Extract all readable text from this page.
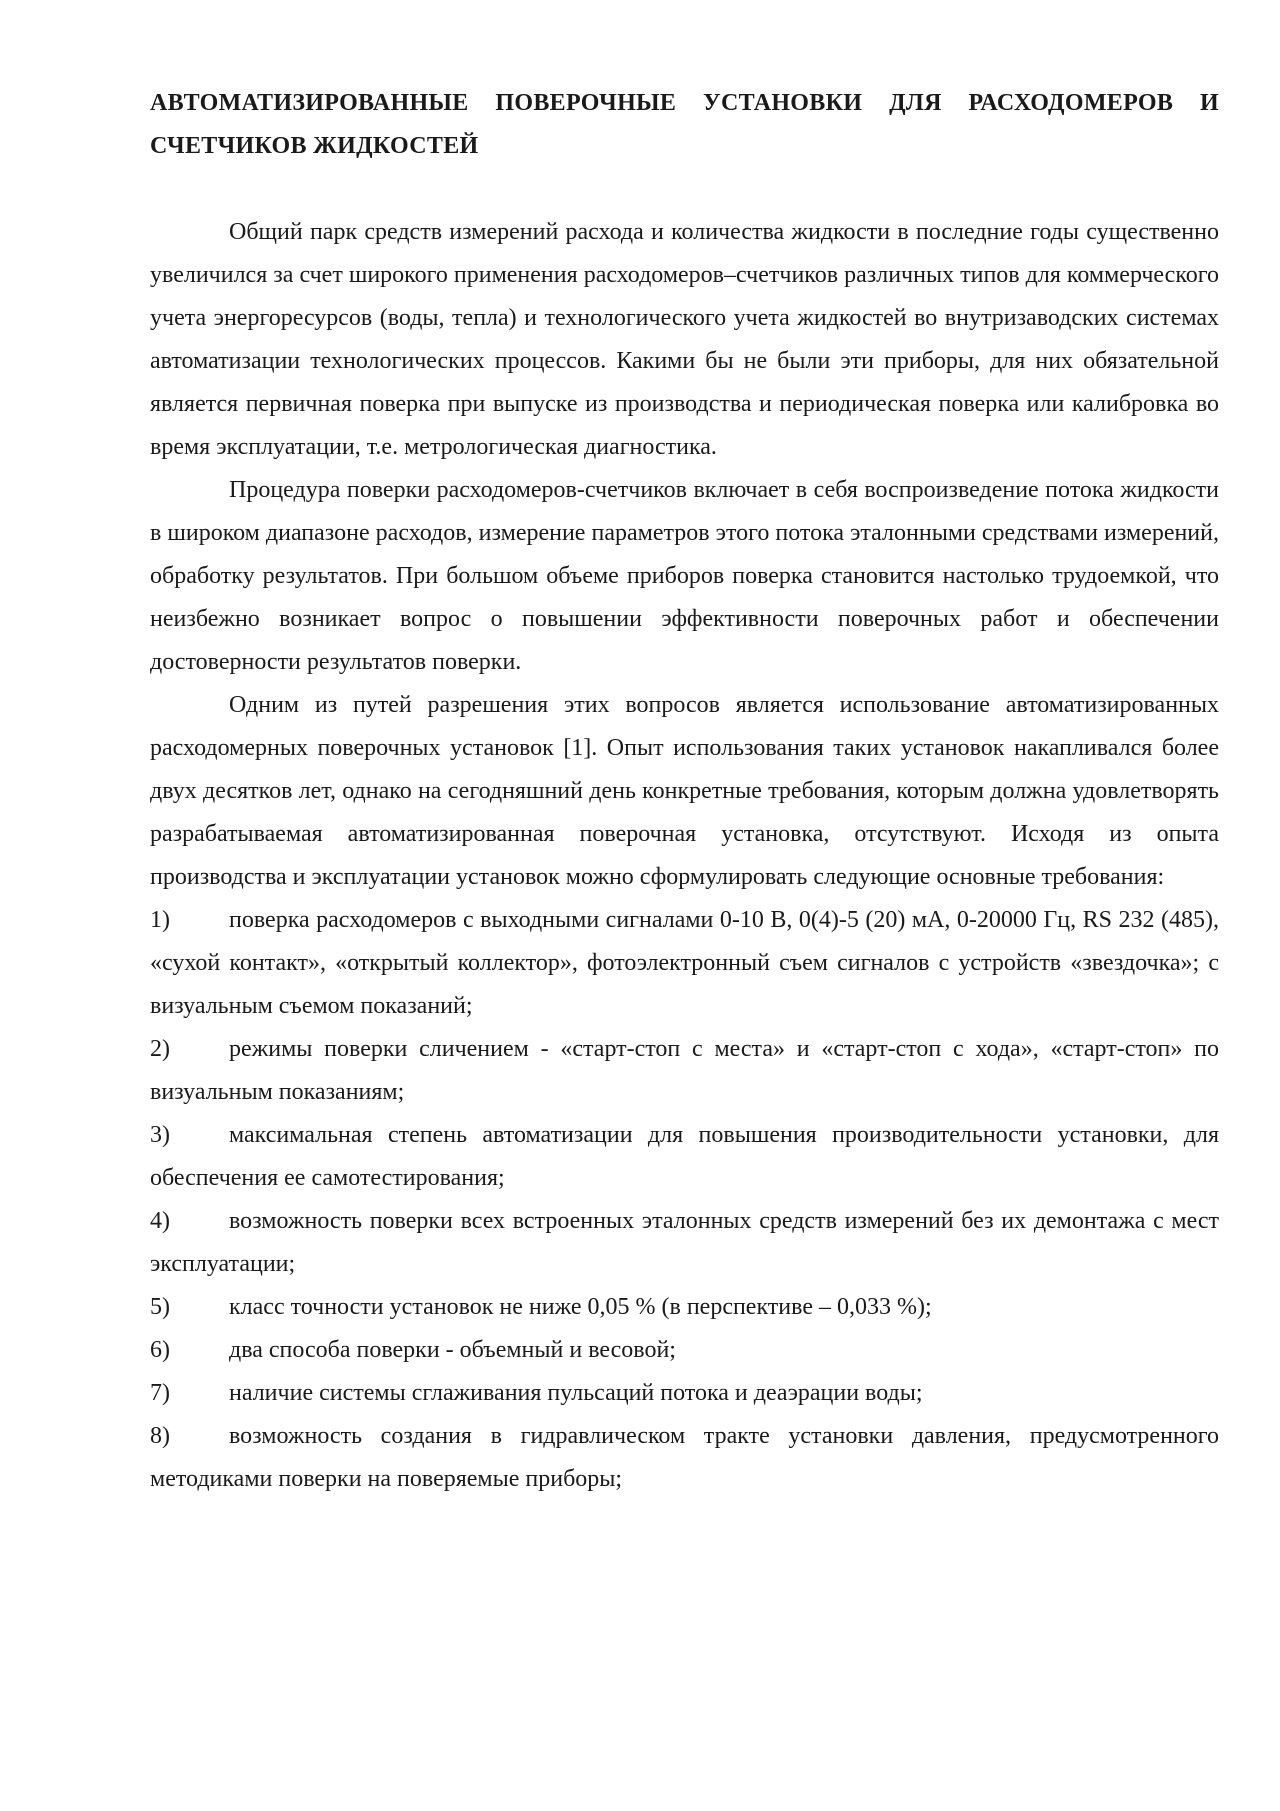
АВТОМАТИЗИРОВАННЫЕ ПОВЕРОЧНЫЕ УСТАНОВКИ ДЛЯ РАСХОДОМЕРОВ И СЧЕТЧИКОВ ЖИДКОСТЕЙ

Общий парк средств измерений расхода и количества жидкости в последние годы существенно увеличился за счет широкого применения расходомеров–счетчиков различных типов для коммерческого учета энергоресурсов (воды, тепла) и технологического учета жидкостей во внутризаводских системах автоматизации технологических процессов. Какими бы не были эти приборы, для них обязательной является первичная поверка при выпуске из производства и периодическая поверка или калибровка во время эксплуатации, т.е. метрологическая диагностика.

Процедура поверки расходомеров-счетчиков включает в себя воспроизведение потока жидкости в широком диапазоне расходов, измерение параметров этого потока эталонными средствами измерений, обработку результатов. При большом объеме приборов поверка становится настолько трудоемкой, что неизбежно возникает вопрос о повышении эффективности поверочных работ и обеспечении достоверности результатов поверки.

Одним из путей разрешения этих вопросов является использование автоматизированных расходомерных поверочных установок [1]. Опыт использования таких установок накапливался более двух десятков лет, однако на сегодняшний день конкретные требования, которым должна удовлетворять разрабатываемая автоматизированная поверочная установка, отсутствуют. Исходя из опыта производства и эксплуатации установок можно сформулировать следующие основные требования:

1) поверка расходомеров с выходными сигналами 0-10 В, 0(4)-5 (20) мА, 0-20000 Гц, RS 232 (485), «сухой контакт», «открытый коллектор», фотоэлектронный съем сигналов с устройств «звездочка»; с визуальным съемом показаний;
2) режимы поверки сличением - «старт-стоп с места» и «старт-стоп с хода», «старт-стоп» по визуальным показаниям;
3) максимальная степень автоматизации для повышения производительности установки, для обеспечения ее самотестирования;
4) возможность поверки всех встроенных эталонных средств измерений без их демонтажа с мест эксплуатации;
5) класс точности установок не ниже 0,05 % (в перспективе – 0,033 %);
6) два способа поверки - объемный и весовой;
7) наличие системы сглаживания пульсаций потока и деаэрации воды;
8) возможность создания в гидравлическом тракте установки давления, предусмотренного методиками поверки на поверяемые приборы;
